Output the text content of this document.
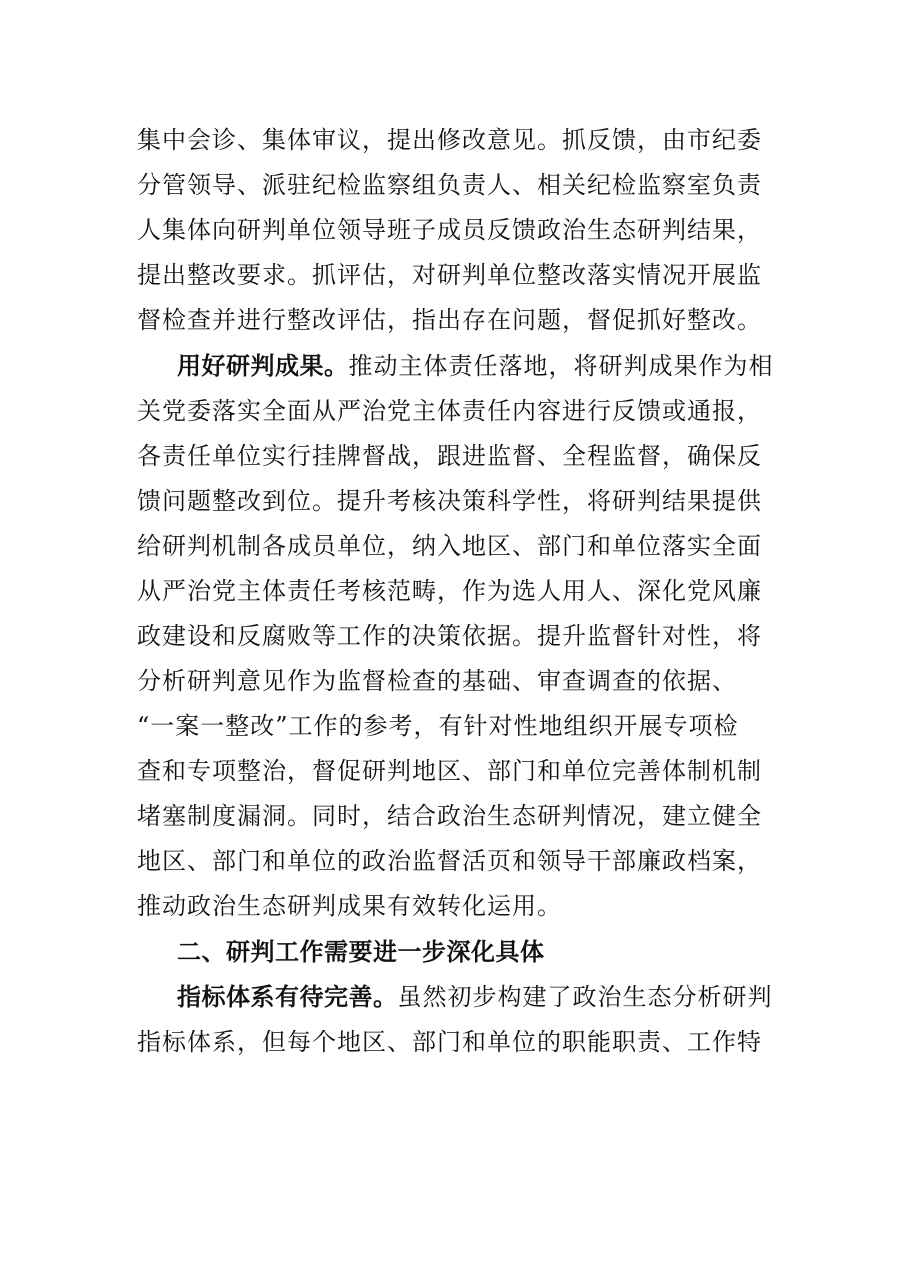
集中会诊、集体审议，提出修改意见。抓反馈，由市纪委
分管领导、派驻纪检监察组负责人、相关纪检监察室负责
人集体向研判单位领导班子成员反馈政治生态研判结果，
提出整改要求。抓评估，对研判单位整改落实情况开展监
督检查并进行整改评估，指出存在问题，督促抓好整改。
用好研判成果。推动主体责任落地，将研判成果作为相
关党委落实全面从严治党主体责任内容进行反馈或通报，
各责任单位实行挂牌督战，跟进监督、全程监督，确保反
馈问题整改到位。提升考核决策科学性，将研判结果提供
给研判机制各成员单位，纳入地区、部门和单位落实全面
从严治党主体责任考核范畴，作为选人用人、深化党风廉
政建设和反腐败等工作的决策依据。提升监督针对性，将
分析研判意见作为监督检查的基础、审查调查的依据、
“一案一整改”工作的参考，有针对性地组织开展专项检
查和专项整治，督促研判地区、部门和单位完善体制机制
堵塞制度漏洞。同时，结合政治生态研判情况，建立健全
地区、部门和单位的政治监督活页和领导干部廉政档案，
推动政治生态研判成果有效转化运用。
二、研判工作需要进一步深化具体
指标体系有待完善。虽然初步构建了政治生态分析研判
指标体系，但每个地区、部门和单位的职能职责、工作特
